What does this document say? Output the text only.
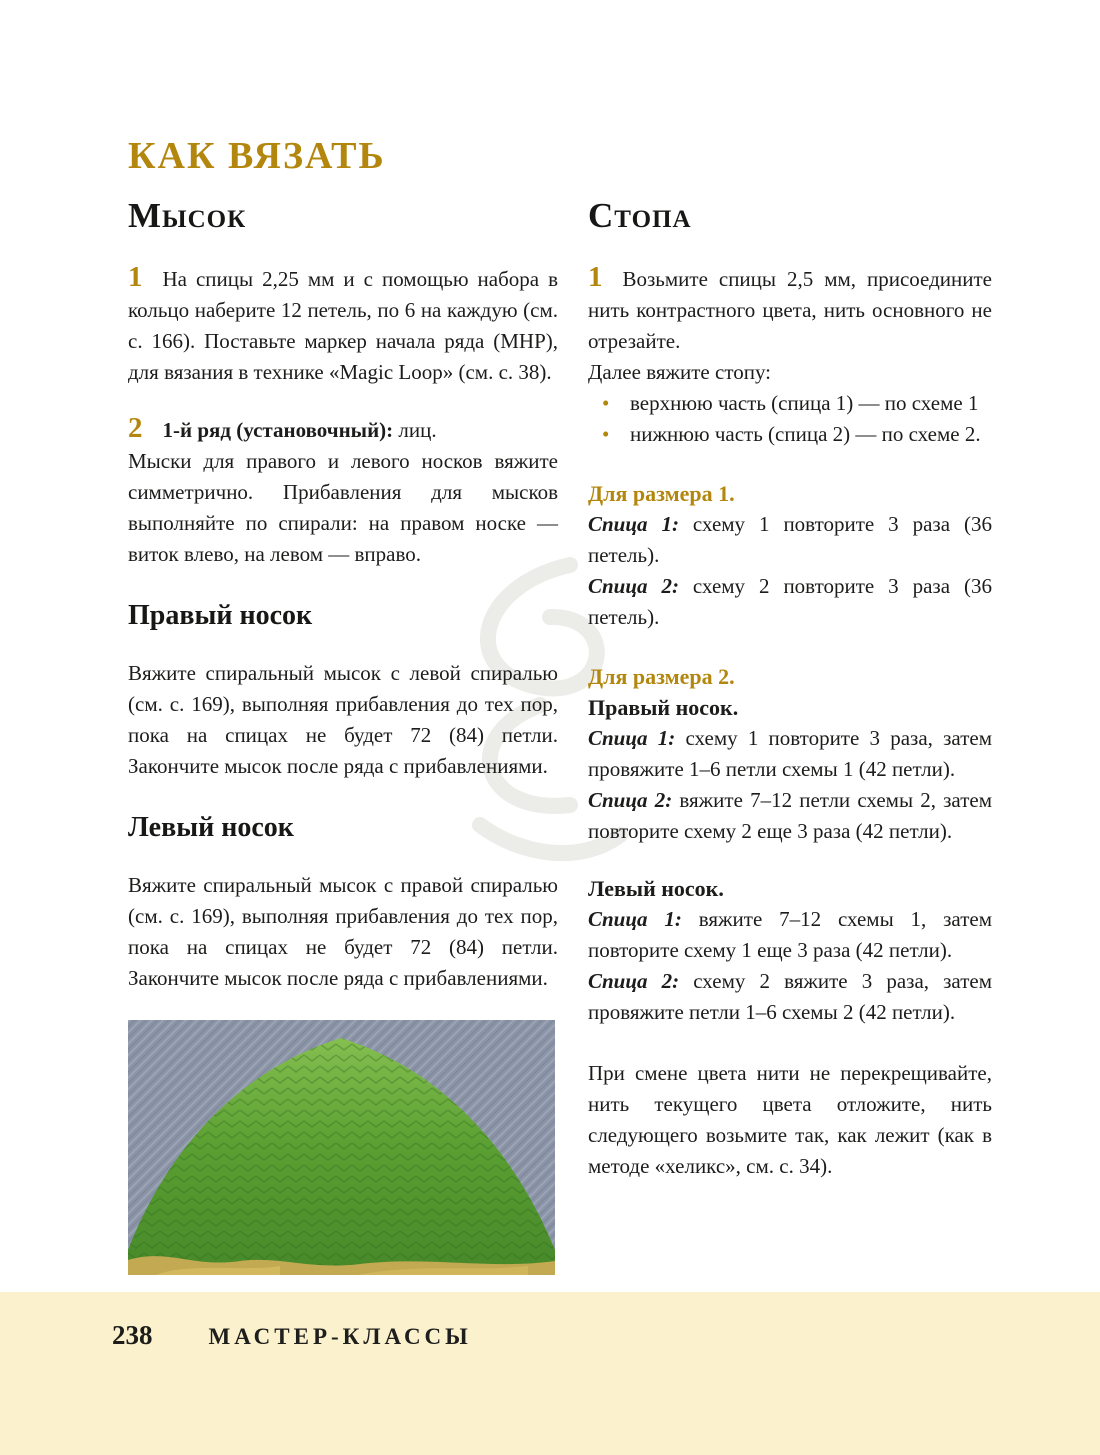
КАК ВЯЗАТЬ
Мысок

1 На спицы 2,25 мм и с помощью набора в кольцо наберите 12 петель, по 6 на каждую (см. с. 166). Поставьте маркер начала ряда (МНР), для вязания в технике «Magic Loop» (см. с. 38).

2 1-й ряд (установочный): лиц.

Мыски для правого и левого носков вяжите симметрично. Прибавления для мысков выполняйте по спирали: на правом носке — виток влево, на левом — вправо.

Правый носок

Вяжите спиральный мысок с левой спиралью (см. с. 169), выполняя прибавления до тех пор, пока на спицах не будет 72 (84) петли. Закончите мысок после ряда с прибавлениями.

Левый носок

Вяжите спиральный мысок с правой спиралью (см. с. 169), выполняя прибавления до тех пор, пока на спицах не будет 72 (84) петли. Закончите мысок после ряда с прибавлениями.

Стопа

1 Возьмите спицы 2,5 мм, присоедините нить контрастного цвета, нить основного не отрезайте.

Далее вяжите стопу:

• верхнюю часть (спица 1) — по схеме 1
• нижнюю часть (спица 2) — по схеме 2.

Для размера 1.

Спица 1: схему 1 повторите 3 раза (36 петель).

Спица 2: схему 2 повторите 3 раза (36 петель).

Для размера 2.

Правый носок.

Спица 1: схему 1 повторите 3 раза, затем провяжите 1–6 петли схемы 1 (42 петли).

Спица 2: вяжите 7–12 петли схемы 2, затем повторите схему 2 еще 3 раза (42 петли).

Левый носок.

Спица 1: вяжите 7–12 схемы 1, затем повторите схему 1 еще 3 раза (42 петли).

Спица 2: схему 2 вяжите 3 раза, затем провяжите петли 1–6 схемы 2 (42 петли).

При смене цвета нити не перекрещивайте, нить текущего цвета отложите, нить следующего возьмите так, как лежит (как в методе «хеликс», см. с. 34).

238 МАСТЕР-КЛАССЫ
